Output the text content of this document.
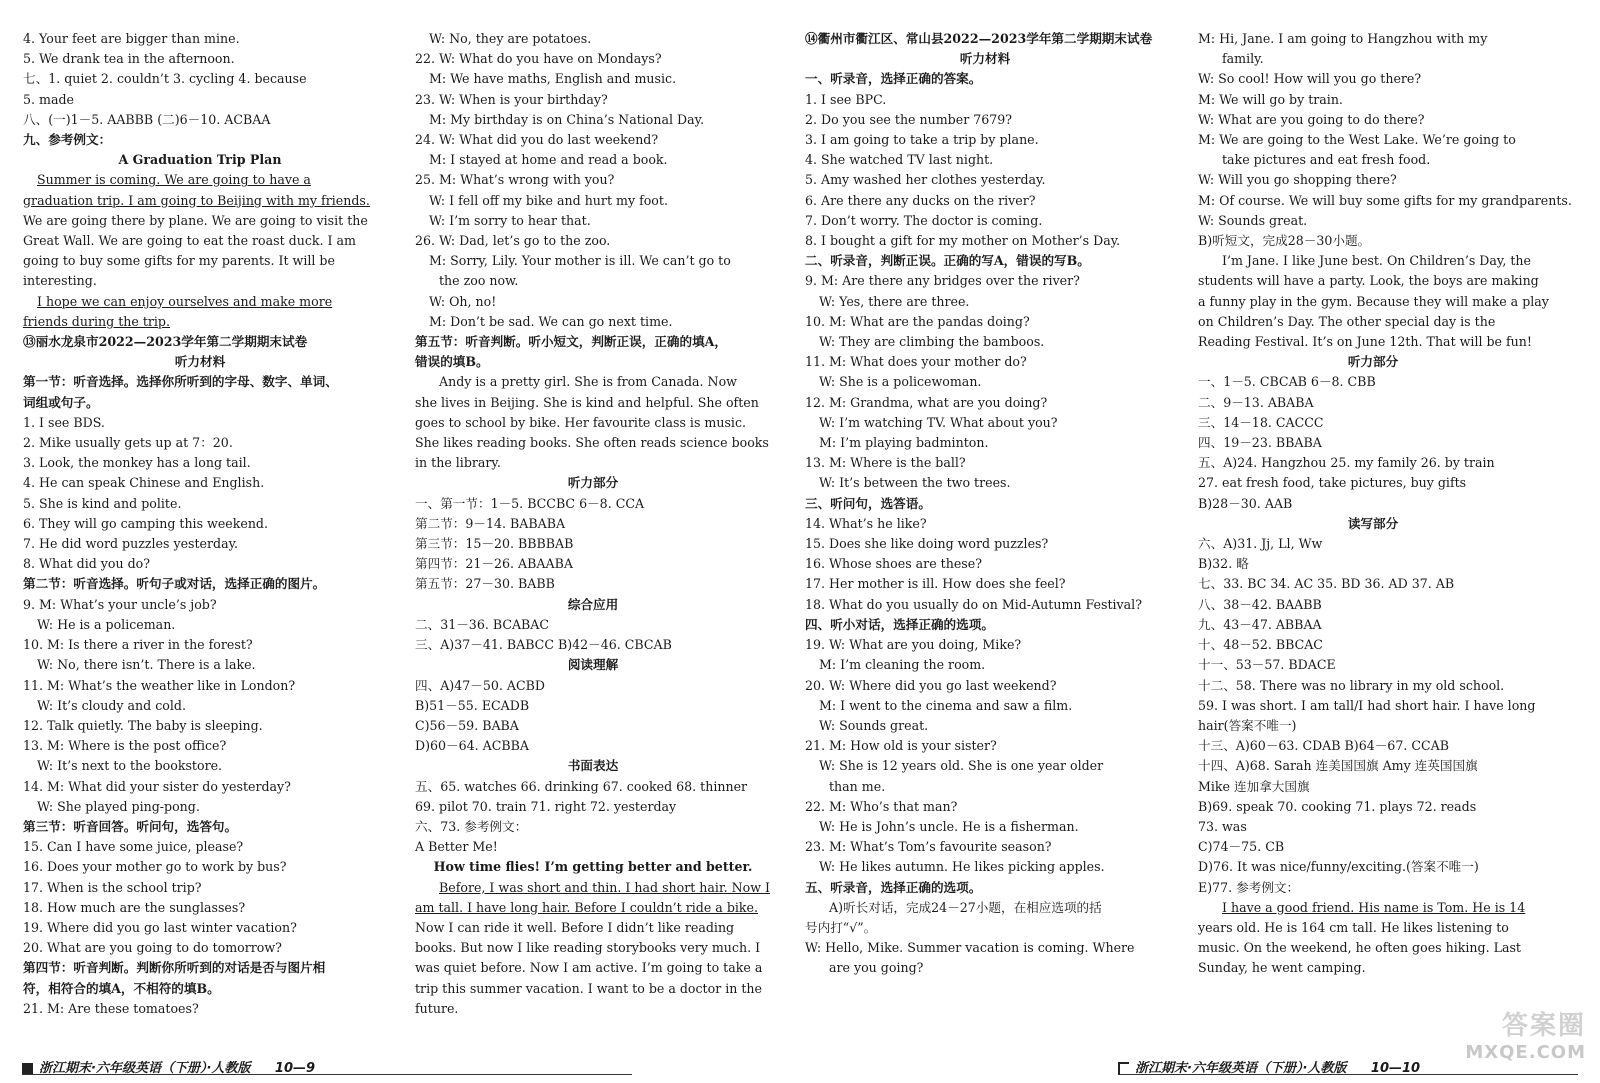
4. Your feet are bigger than mine.
5. We drank tea in the afternoon.
七、1. quiet 2. couldn’t 3. cycling 4. because
5. made
八、(一)1－5. AABBB (二)6－10. ACBAA
九、参考例文：
A Graduation Trip Plan
Summer is coming. We are going to have a
graduation trip. I am going to Beijing with my friends.
We are going there by plane. We are going to visit the
Great Wall. We are going to eat the roast duck. I am
going to buy some gifts for my parents. It will be
interesting.
I hope we can enjoy ourselves and make more
friends during the trip.
⑬丽水龙泉市2022—2023学年第二学期期末试卷
听力材料
第一节：听音选择。选择你所听到的字母、数字、单词、
词组或句子。
1. I see BDS.
2. Mike usually gets up at 7：20.
3. Look, the monkey has a long tail.
4. He can speak Chinese and English.
5. She is kind and polite.
6. They will go camping this weekend.
7. He did word puzzles yesterday.
8. What did you do?
第二节：听音选择。听句子或对话，选择正确的图片。
9. M: What’s your uncle’s job?
W: He is a policeman.
10. M: Is there a river in the forest?
W: No, there isn’t. There is a lake.
11. M: What’s the weather like in London?
W: It’s cloudy and cold.
12. Talk quietly. The baby is sleeping.
13. M: Where is the post office?
W: It’s next to the bookstore.
14. M: What did your sister do yesterday?
W: She played ping-pong.
第三节：听音回答。听问句，选答句。
15. Can I have some juice, please?
16. Does your mother go to work by bus?
17. When is the school trip?
18. How much are the sunglasses?
19. Where did you go last winter vacation?
20. What are you going to do tomorrow?
第四节：听音判断。判断你所听到的对话是否与图片相
符，相符合的填A，不相符的填B。
21. M: Are these tomatoes?
W: No, they are potatoes.
22. W: What do you have on Mondays?
M: We have maths, English and music.
23. W: When is your birthday?
M: My birthday is on China’s National Day.
24. W: What did you do last weekend?
M: I stayed at home and read a book.
25. M: What’s wrong with you?
W: I fell off my bike and hurt my foot.
W: I’m sorry to hear that.
26. W: Dad, let’s go to the zoo.
M: Sorry, Lily. Your mother is ill. We can’t go to
the zoo now.
W: Oh, no!
M: Don’t be sad. We can go next time.
第五节：听音判断。听小短文，判断正误，正确的填A，
错误的填B。
Andy is a pretty girl. She is from Canada. Now
she lives in Beijing. She is kind and helpful. She often
goes to school by bike. Her favourite class is music.
She likes reading books. She often reads science books
in the library.
听力部分
一、第一节：1－5. BCCBC 6－8. CCA
第二节：9－14. BABABA
第三节：15－20. BBBBAB
第四节：21－26. ABAABA
第五节：27－30. BABB
综合应用
二、31－36. BCABAC
三、A)37－41. BABCC B)42－46. CBCAB
阅读理解
四、A)47－50. ACBD
B)51－55. ECADB
C)56－59. BABA
D)60－64. ACBBA
书面表达
五、65. watches 66. drinking 67. cooked 68. thinner
69. pilot 70. train 71. right 72. yesterday
六、73. 参考例文：
A Better Me!
How time flies! I’m getting better and better.
Before, I was short and thin. I had short hair. Now I
am tall. I have long hair. Before I couldn’t ride a bike.
Now I can ride it well. Before I didn’t like reading
books. But now I like reading storybooks very much. I
was quiet before. Now I am active. I’m going to take a
trip this summer vacation. I want to be a doctor in the
future.
⑭衢州市衢江区、常山县2022—2023学年第二学期期末试卷
听力材料
一、听录音，选择正确的答案。
1. I see BPC.
2. Do you see the number 7679?
3. I am going to take a trip by plane.
4. She watched TV last night.
5. Amy washed her clothes yesterday.
6. Are there any ducks on the river?
7. Don’t worry. The doctor is coming.
8. I bought a gift for my mother on Mother’s Day.
二、听录音，判断正误。正确的写A，错误的写B。
9. M: Are there any bridges over the river?
W: Yes, there are three.
10. M: What are the pandas doing?
W: They are climbing the bamboos.
11. M: What does your mother do?
W: She is a policewoman.
12. M: Grandma, what are you doing?
W: I’m watching TV. What about you?
M: I’m playing badminton.
13. M: Where is the ball?
W: It’s between the two trees.
三、听问句，选答语。
14. What’s he like?
15. Does she like doing word puzzles?
16. Whose shoes are these?
17. Her mother is ill. How does she feel?
18. What do you usually do on Mid-Autumn Festival?
四、听小对话，选择正确的选项。
19. W: What are you doing, Mike?
M: I’m cleaning the room.
20. W: Where did you go last weekend?
M: I went to the cinema and saw a film.
W: Sounds great.
21. M: How old is your sister?
W: She is 12 years old. She is one year older
than me.
22. M: Who’s that man?
W: He is John’s uncle. He is a fisherman.
23. M: What’s Tom’s favourite season?
W: He likes autumn. He likes picking apples.
五、听录音，选择正确的选项。
A)听长对话，完成24－27小题，在相应选项的括
号内打“√”。
W: Hello, Mike. Summer vacation is coming. Where
are you going?
M: Hi, Jane. I am going to Hangzhou with my
family.
W: So cool! How will you go there?
M: We will go by train.
W: What are you going to do there?
M: We are going to the West Lake. We’re going to
take pictures and eat fresh food.
W: Will you go shopping there?
M: Of course. We will buy some gifts for my grandparents.
W: Sounds great.
B)听短文，完成28－30小题。
I’m Jane. I like June best. On Children’s Day, the
students will have a party. Look, the boys are making
a funny play in the gym. Because they will make a play
on Children’s Day. The other special day is the
Reading Festival. It’s on June 12th. That will be fun!
听力部分
一、1－5. CBCAB 6－8. CBB
二、9－13. ABABA
三、14－18. CACCC
四、19－23. BBABA
五、A)24. Hangzhou 25. my family 26. by train
27. eat fresh food, take pictures, buy gifts
B)28－30. AAB
读写部分
六、A)31. Jj, Ll, Ww
B)32. 略
七、33. BC 34. AC 35. BD 36. AD 37. AB
八、38－42. BAABB
九、43－47. ABBAA
十、48－52. BBCAC
十一、53－57. BDACE
十二、58. There was no library in my old school.
59. I was short. I am tall/I had short hair. I have long
hair(答案不唯一)
十三、A)60－63. CDAB B)64－67. CCAB
十四、A)68. Sarah 连美国国旗 Amy 连英国国旗
Mike 连加拿大国旗
B)69. speak 70. cooking 71. plays 72. reads
73. was
C)74－75. CB
D)76. It was nice/funny/exciting.(答案不唯一)
E)77. 参考例文：
I have a good friend. His name is Tom. He is 14
years old. He is 164 cm tall. He likes listening to
music. On the weekend, he often goes hiking. Last
Sunday, he went camping.
浙江期末·六年级英语（下册）·人教版 10—9	浙江期末·六年级英语（下册）·人教版 10—10
答案圈
MXQE.COM
